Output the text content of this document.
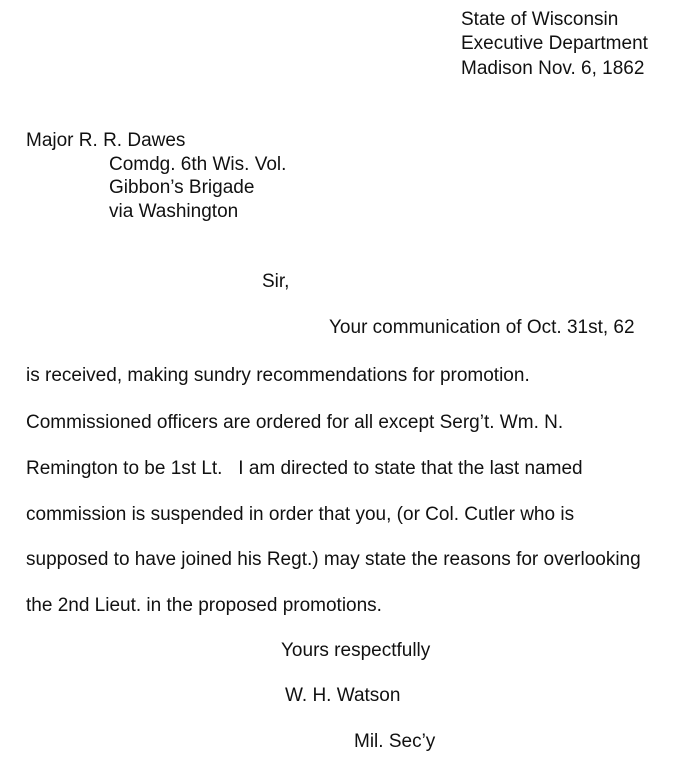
State of Wisconsin
Executive Department
Madison Nov. 6, 1862
Major R. R. Dawes
Comdg. 6th Wis. Vol.
Gibbon’s Brigade
via Washington
Sir,
Your communication of Oct. 31st, 62
is received, making sundry recommendations for promotion.
Commissioned officers are ordered for all except Serg’t. Wm. N.
Remington to be 1st Lt.   I am directed to state that the last named
commission is suspended in order that you, (or Col. Cutler who is
supposed to have joined his Regt.) may state the reasons for overlooking
the 2nd Lieut. in the proposed promotions.
Yours respectfully
W. H. Watson
Mil. Sec’y
